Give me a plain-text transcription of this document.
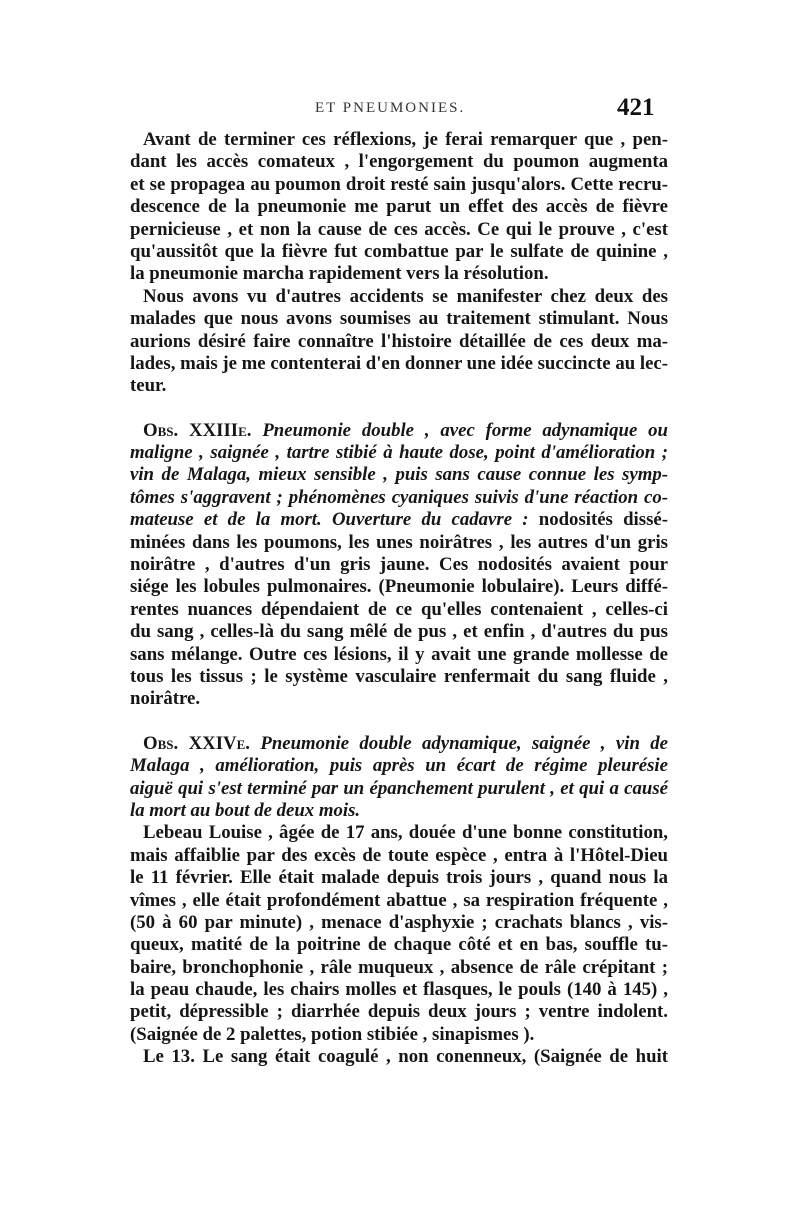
ET PNEUMONIES.	421
Avant de terminer ces réflexions, je ferai remarquer que , pen-
dant les accès comateux , l'engorgement du poumon augmenta
et se propagea au poumon droit resté sain jusqu'alors. Cette recru-
descence de la pneumonie me parut un effet des accès de fièvre
pernicieuse , et non la cause de ces accès. Ce qui le prouve , c'est
qu'aussitôt que la fièvre fut combattue par le sulfate de quinine ,
la pneumonie marcha rapidement vers la résolution.
Nous avons vu d'autres accidents se manifester chez deux des
malades que nous avons soumises au traitement stimulant. Nous
aurions désiré faire connaître l'histoire détaillée de ces deux ma-
lades, mais je me contenterai d'en donner une idée succincte au lec-
teur.
Obs. XXIIIe. Pneumonie double , avec forme adynamique ou
maligne , saignée , tartre stibié à haute dose, point d'amélioration ;
vin de Malaga, mieux sensible , puis sans cause connue les symp-
tômes s'aggravent ; phénomènes cyaniques suivis d'une réaction co-
mateuse et de la mort. Ouverture du cadavre : nodosités dissé-
minées dans les poumons, les unes noirâtres , les autres d'un gris
noirâtre , d'autres d'un gris jaune. Ces nodosités avaient pour
siége les lobules pulmonaires. (Pneumonie lobulaire). Leurs diffé-
rentes nuances dépendaient de ce qu'elles contenaient , celles-ci
du sang , celles-là du sang mêlé de pus , et enfin , d'autres du pus
sans mélange. Outre ces lésions, il y avait une grande mollesse de
tous les tissus ; le système vasculaire renfermait du sang fluide ,
noirâtre.
Obs. XXIVe. Pneumonie double adynamique, saignée , vin de
Malaga , amélioration, puis après un écart de régime pleurésie
aiguë qui s'est terminé par un épanchement purulent , et qui a causé
la mort au bout de deux mois.
Lebeau Louise , âgée de 17 ans, douée d'une bonne constitution,
mais affaiblie par des excès de toute espèce , entra à l'Hôtel-Dieu
le 11 février. Elle était malade depuis trois jours , quand nous la
vîmes , elle était profondément abattue , sa respiration fréquente ,
(50 à 60 par minute) , menace d'asphyxie ; crachats blancs , vis-
queux, matité de la poitrine de chaque côté et en bas, souffle tu-
baire, bronchophonie , râle muqueux , absence de râle crépitant ;
la peau chaude, les chairs molles et flasques, le pouls (140 à 145) ,
petit, dépressible ; diarrhée depuis deux jours ; ventre indolent.
(Saignée de 2 palettes, potion stibiée , sinapismes ).
Le 13. Le sang était coagulé , non conenneux, (Saignée de huit
